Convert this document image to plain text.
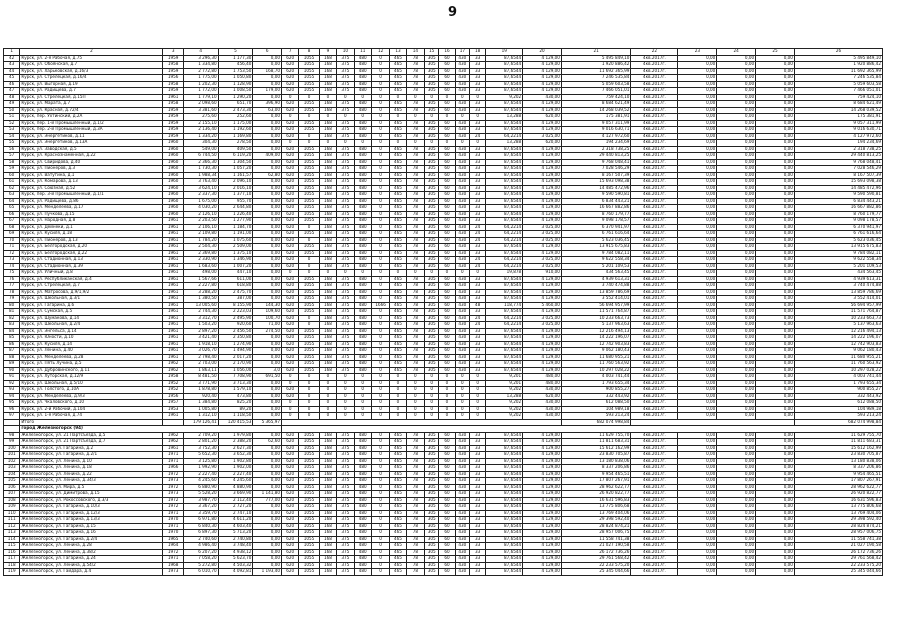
9
1	2	3	4	5	6	7	8	9	10	11	12	13	14	15	16	17	18	19	20	21	22	23	24	25	26
42	Курск, ул. 2-я Рабочая, д.75	1959	3 296,30	1 177,30	0,00	620	1055	168	375	480	0	465	78	305	60	430	33	87,6544	4 129,00	5 495 849,10	4кв.2017г.	0,00	0,00	0,00	5 495 849,10
43	Курск, ул. Обоянская, д.7	1958	1 334,80	456,40	0,00	620	1055	168	375	480	0	465	78	305	60	430	33	87,6544	4 129,00	1 920 886,42	4кв.2017г.	0,00	0,00	0,00	1 920 886,42
44	Курск, ул. Харьковская, д.16/3	1959	2 772,80	1 753,50	168,70	620	1055	168	375	480	0	465	78	305	60	430	33	87,6544	4 129,00	11 692 365,99	4кв.2017г.	0,00	0,00	0,00	11 692 365,99
45	Курск, ул. Стрелецкая, д.16/4	1956	1 775,00	1 050,80	0,00	620	1055	168	375	480	0	465	78	305	60	430	33	87,6544	4 129,00	7 246 535,84	4кв.2017г.	0,00	0,00	0,00	7 246 535,84
46	Курск, ул. Выгорная, д.19	1958	1 202,30	1 128,90	0,00	620	1055	168	375	480	0	465	78	305	60	430	33	87,6544	4 129,00	5 059 603,58	4кв.2017г.	0,00	0,00	0,00	5 059 603,58
47	Курск, ул. Радищева, д.7	1959	1 772,00	1 008,50	179,00	620	1055	168	375	480	0	465	78	305	60	430	33	87,6544	4 129,00	7 466 051,01	4кв.2017г.	0,00	0,00	0,00	7 466 051,01
48	Курск, ул. Стрелецкая, д.15П	1961	1 779,10	1 290,20	0,00	0	0	0	0	0	0	0	0	0	0	0	0	9,202	430,00	759 424,10	4кв.2017г.	0,00	0,00	0,00	759 424,10
49	Курск, ул. Марата, д.7	1958	2 098,60	651,70	396,90	620	1055	168	375	480	0	465	78	305	60	430	33	87,6544	4 129,00	8 684 621,49	4кв.2017г.	0,00	0,00	0,00	8 684 621,49
50	Курск, ул. Красная, д.72/4	1959	3 381,60	2 473,30	63,00	620	1055	168	375	480	0	465	78	305	60	430	33	87,6544	4 129,00	14 268 039,52	4кв.2017г.	0,00	0,00	0,00	14 268 039,52
51	Курск, пер. Ухтинский, д.2А	1959	275,60	252,60	0,00	0	0	0	0	0	0	0	0	0	0	0	0	13,288	620,00	175 381,91	4кв.2017г.	0,00	0,00	0,00	175 381,91
52	Курск, пер. 1-й Промышленный, д.1/2	1959	2 155,10	1 175,00	0,00	620	1055	168	375	480	0	465	78	305	60	430	33	87,6544	4 129,00	9 057 311,99	4кв.2017г.	0,00	0,00	0,00	9 057 311,99
53	Курск, пер. 2-й Промышленный, д.3А	1959	2 136,40	1 192,60	0,00	620	1055	168	375	480	0	465	78	305	60	430	33	87,6544	4 129,00	9 016 630,71	4кв.2017г.	0,00	0,00	0,00	9 016 630,71
54	Курск, ул. Энергетиков, д.11	1959	1 334,20	1 169,80	0,00	620	0	168	375	480	0	465	78	305	60	430	24	64,2214	3 025,00	4 127 972,60	4кв.2017г.	0,00	0,00	0,00	4 127 972,60
55	Курск, ул. Энергетиков, д.13А	1960	304,30	278,50	0,00	0	0	0	0	0	0	0	0	0	0	0	0	13,288	620,00	194 234,69	4кв.2017г.	0,00	0,00	0,00	194 234,69
56	Курск, ул. Заводская, д.5	1960	549,00	409,50	0,00	620	1055	168	375	480	0	465	78	305	60	430	33	87,6544	4 129,00	2 318 738,25	4кв.2017г.	0,00	0,00	0,00	2 318 738,25
57	Курск, ул. Краснознаменная, д.22	1960	6 744,50	6 119,20	409,00	620	1055	168	375	480	0	465	78	305	60	430	33	87,6544	4 129,00	29 440 813,25	4кв.2017г.	0,00	0,00	0,00	29 440 813,25
58	Курск, ул. Свиридова, д.40	1960	2 366,30	1 304,50	0,00	620	1055	168	375	480	0	465	78	305	60	430	33	87,6544	4 129,00	9 768 048,41	4кв.2017г.	0,00	0,00	0,00	9 768 048,41
59	Курск, ул. Пионеров, д.3	1960	1 730,30	1 057,20	0,00	620	1055	168	375	480	0	465	78	305	60	430	33	87,6544	4 129,00	7 028 546,29	4кв.2017г.	0,00	0,00	0,00	7 028 546,29
60	Курск, ул. Ватутина, д.1	1960	1 988,34	1 161,57	62,80	620	1055	168	375	480	0	465	78	305	60	430	33	87,6544	4 129,00	8 167 507,39	4кв.2017г.	0,00	0,00	0,00	8 167 507,39
61	Курск, ул. Комарова, д.13	1960	3 763,40	2 096,10	0,00	620	1055	168	375	480	0	465	78	305	60	430	33	87,6544	4 129,00	15 693 098,38	4кв.2017г.	0,00	0,00	0,00	15 693 098,38
62	Курск, ул. Союзная, д.52	1960	3 624,10	2 016,10	0,00	620	1055	168	375	480	0	465	78	305	60	430	33	87,6544	4 129,00	14 485 472,96	4кв.2017г.	0,00	0,00	0,00	14 485 472,96
63	Курск, пер. 3-й Промышленный, д.1/1	1960	2 337,30	1 377,10	0,00	620	1055	168	375	480	0	465	78	305	60	430	33	87,6544	4 129,00	9 590 590,81	4кв.2017г.	0,00	0,00	0,00	9 590 590,81
64	Курск, ул. Радищева, д.86	1960	1 675,00	955,70	0,00	620	1055	168	375	480	0	465	78	305	60	430	33	87,6544	4 129,00	6 834 443,21	4кв.2017г.	0,00	0,00	0,00	6 834 443,21
65	Курск, ул. Менделеева, д.17	1960	4 030,20	2 644,80	0,00	620	1055	168	375	480	0	465	78	305	60	430	33	87,6544	4 129,00	16 667 882,86	4кв.2017г.	0,00	0,00	0,00	16 667 882,86
66	Курск, ул. Пучкова, д.15	1960	2 126,10	1 226,40	0,00	620	1055	168	375	480	0	465	78	305	60	430	33	87,6544	4 129,00	8 760 179,77	4кв.2017г.	0,00	0,00	0,00	8 760 179,77
67	Курск, ул. Народная, д.8	1961	2 203,50	1 277,90	0,00	620	1055	168	375	480	0	465	78	305	60	430	33	87,6544	4 129,00	9 098 178,57	4кв.2017г.	0,00	0,00	0,00	9 098 178,57
68	Курск, ул. Дейнеки, д.1	1961	2 106,10	1 184,70	0,00	620	0	168	375	480	0	465	78	305	60	430	24	64,2214	3 025,00	6 370 941,97	4кв.2017г.	0,00	0,00	0,00	6 370 941,97
69	Курск, ул. Кусиля, д.18	1961	2 109,80	1 191,00	0,00	620	1055	168	375	480	0	465	78	305	60	430	24	64,2214	3 025,00	6 761 616,64	4кв.2017г.	0,00	0,00	0,00	6 761 616,64
70	Курск, ул. Пионеров, д.13	1961	1 784,20	1 075,60	0,00	620	0	168	375	480	0	465	78	305	60	430	24	64,2214	3 025,00	5 623 036,45	4кв.2017г.	0,00	0,00	0,00	5 623 036,45
71	Курск, ул. Белгородская, д.20	1961	2 504,30	2 509,00	0,00	620	1055	168	375	480	0	465	78	305	60	430	33	87,6544	4 129,00	13 915 675,83	4кв.2017г.	0,00	0,00	0,00	13 915 675,83
72	Курск, ул. Белгородская, д.22	1961	2 369,80	1 375,10	0,00	620	1055	168	375	480	0	465	78	305	60	430	33	87,6544	4 129,00	9 784 082,11	4кв.2017г.	0,00	0,00	0,00	9 784 082,11
73	Курск, ул. Стадионная, д.13	1961	2 330,90	1 346,90	0,00	620	0	168	375	480	0	465	78	305	60	430	24	64,2214	3 025,00	9 622 558,34	4кв.2017г.	0,00	0,00	0,00	9 622 558,34
74	Курск, ул. Стадионная, д.39	1961	1 683,60	1 007,20	0,00	620	0	168	375	480	0	465	78	305	60	430	24	64,2214	3 025,00	5 201 109,53	4кв.2017г.	0,00	0,00	0,00	5 201 109,53
75	Курск, ул. Уличный, д.8	1961	498,00	447,10	0,00	0	0	0	0	0	0	0	0	0	0	0	0	19,878	910,00	434 563,45	4кв.2017г.	0,00	0,00	0,00	434 563,45
76	Курск, ул. Республиканская, д.4	1961	1 567,66	611,00	0,00	620	1055	168	375	480	0	465	78	305	60	430	33	87,6544	4 129,00	4 939 613,31	4кв.2017г.	0,00	0,00	0,00	4 939 613,31
77	Курск, ул. Стрелецкая, д.7	1961	2 227,80	618,80	0,00	620	1055	168	375	480	0	465	78	305	60	430	33	87,6544	4 129,00	3 740 474,88	4кв.2017г.	0,00	0,00	0,00	3 740 474,88
78	Курск, ул. Матросова, д.9/1,9/2	1961	3 288,20	2 475,70	0,00	620	1055	168	375	480	0	465	78	305	60	430	33	87,6544	4 129,00	13 859 786,69	4кв.2017г.	0,00	0,00	0,00	13 859 786,69
79	Курск, ул. Школьная, д.3/1	1961	1 380,50	387,00	0,00	620	1055	168	375	480	0	465	78	305	60	430	33	87,6544	4 129,00	3 552 414,01	4кв.2017г.	0,00	0,00	0,00	3 552 414,01
80	Курск, ул. Гагарина, д.6	1961	13 005,60	8 155,90	144,30	620	1055	168	375	480	1666	465	78	305	60	430	48	118,774	5 460,00	56 694 957,99	4кв.2017г.	0,00	0,00	0,00	56 694 957,99
81	Курск, ул. Сумская, д.5	1961	2 744,30	2 223,03	109,60	620	1055	168	375	480	0	465	78	305	60	430	33	87,6544	4 129,00	11 571 764,87	4кв.2017г.	0,00	0,00	0,00	11 571 764,87
82	Курск, ул. Шумаковa, д.14	1961	3 312,70	2 495,90	100,70	620	0	168	375	480	0	465	78	305	60	430	24	64,2214	3 025,00	10 233 663,73	4кв.2017г.	0,00	0,00	0,00	10 233 663,73
83	Курск, ул. Школьная, д.2/4	1961	1 503,20	920,60	71,00	620	0	168	375	480	0	465	78	305	60	430	24	64,2214	3 025,00	5 137 963,63	4кв.2017г.	0,00	0,00	0,00	5 137 963,63
84	Курск, ул. Энгельса, д.14	1961	2 897,20	2 456,50	274,50	620	1055	168	375	480	0	465	78	305	60	430	33	87,6544	4 129,00	12 216 494,13	4кв.2017г.	0,00	0,00	0,00	12 216 494,13
85	Курск, ул. Юности, д.10	1961	3 421,40	2 350,80	0,00	620	1055	168	375	480	0	465	78	305	60	430	33	87,6544	4 129,00	14 222 196,07	4кв.2017г.	0,00	0,00	0,00	14 222 196,07
86	Курск, ул. Кусиля, д.14	1961	1 918,10	1 274,90	0,00	620	1055	168	375	480	0	465	78	305	60	430	33	87,6544	4 129,00	12 742 903,83	4кв.2017г.	0,00	0,00	0,00	12 742 903,83
87	Курск, ул. Ленина, д.40	1961	3 026,70	1 494,90	0,00	620	1055	168	375	480	0	465	78	305	60	430	33	87,6544	4 129,00	9 062 180,43	4кв.2017г.	0,00	0,00	0,00	9 062 180,43
88	Курск, ул. Менделеева, д.28	1961	2 798,40	2 017,20	0,00	620	1055	168	375	480	0	465	78	305	60	430	33	87,6544	4 129,00	11 680 955,21	4кв.2017г.	0,00	0,00	0,00	11 680 955,21
89	Курск, ул. Пять Лучина, д.5	1962	2 703,00	2 170,90	0,00	620	1055	168	375	480	0	465	78	305	60	430	33	87,6544	4 129,00	11 760 563,92	4кв.2017г.	0,00	0,00	0,00	11 760 563,92
90	Курск, ул. Дубровинского, д.11	1962	1 863,11	1 056,00	3,0	620	1055	168	375	480	0	465	78	305	60	430	33	87,6544	4 129,00	10 297 028,22	4кв.2017г.	0,00	0,00	0,00	10 297 028,22
91	Курск, ул. Хуторская, д.12/9	1958	8 481,50	7 708,90	691,50	0	0	0	0	0	0	0	0	0	0	0	0	9,201	480,00	4 003 741,44	4кв.2017г.	0,00	0,00	0,00	4 003 741,44
92	Курск, ул. Школьная, д.5/10	1952	3 771,90	3 713,30	0,00	0	0	0	0	0	0	0	0	0	0	0	0	9,201	480,00	1 793 655,34	4кв.2017г.	0,00	0,00	0,00	1 793 655,34
93	Курск, ул. Толстого, д.10А	1952	1 878,80	1 579,10	0,00	620	0	0	0	0	0	0	0	0	0	0	0	9,202	430,00	900 855,27	4кв.2017г.	0,00	0,00	0,00	900 855,27
94	Курск, ул. Менделеева, д.9/3	1956	920,40	473,80	0,00	620	0	0	0	0	0	0	0	0	0	0	0	13,288	620,00	332 443,92	4кв.2017г.	0,00	0,00	0,00	332 443,92
95	Курск, ул. Чкаловского, д.10	1957	1 384,80	825,20	0,00	0	0	0	0	0	0	0	0	0	0	0	0	9,202	430,00	612 088,50	4кв.2017г.	0,00	0,00	0,00	612 088,50
96	Курск, ул. 2-й Рабочий, д.104	1953	1 005,80	89,20	0,00	0	0	0	0	0	0	0	0	0	0	0	0	9,202	430,00	104 989,18	4кв.2017г.	0,00	0,00	0,00	104 989,18
97	Курск, ул. 1-я Рабочая, д.74	1961	1 312,10	1 118,50	0,00	0	0	0	0	0	0	0	0	0	0	0	0	9,202	430,00	593 213,24	4кв.2017г.	0,00	0,00	0,00	593 213,24
	Итого		179 126,41	120 415,53	5 365,97															682 074 998,84					682 074 998,84
	город Железногорск (94)																								
98	Железногорск, ул. 21 Партсъезда, д.5	1962	2 709,20	1 979,80	0,00	620	1055	168	375	480	0	465	78	305	60	430	33	87,6544	4 129,00	11 629 755,70	4кв.2017г.	0,00	0,00	0,00	11 629 755,70
99	Железногорск, ул. 21 Партсъезда, д.7	1962	2 801,20	2 388,20	62,60	620	1055	168	375	480	0	465	78	305	60	430	33	87,6544	4 129,00	11 811 683,31	4кв.2017г.	0,00	0,00	0,00	11 811 683,31
100	Железногорск, ул. Гагарина, д.2	1961	3 752,30	2 627,30	0,00	620	1055	168	375	480	0	465	78	305	60	430	33	87,6544	4 129,00	15 612 162,99	4кв.2017г.	0,00	0,00	0,00	15 612 162,99
101	Железногорск, ул. Гагарина, д.2/1	1971	5 652,30	3 652,30	0,00	620	1055	168	375	480	0	465	78	305	60	430	33	87,6544	4 129,00	23 830 705,87	4кв.2017г.	0,00	0,00	0,00	23 830 705,87
102	Железногорск, ул. Ленина, д.10	1971	3 125,80	1 902,80	0,00	620	1055	168	375	480	0	465	78	305	60	430	33	87,6544	4 129,00	13 180 838,06	4кв.2017г.	0,00	0,00	0,00	13 180 838,06
103	Железногорск, ул. Ленина, д.18	1966	1 992,90	1 902,00	0,00	620	1055	168	375	480	0	465	78	305	60	430	33	87,6544	4 129,00	8 337 206,86	4кв.2017г.	0,00	0,00	0,00	8 337 206,86
104	Железногорск, ул. Ленина, д.22	1972	2 227,40	2 227,40	0,00	620	1055	168	375	480	0	465	78	305	60	430	33	87,6544	4 129,00	9 954 465,51	4кв.2017г.	0,00	0,00	0,00	9 954 465,51
105	Железногорск, ул. Ленина, д.34/3	1973	4 245,60	4 245,60	0,00	620	1055	168	375	480	0	465	78	305	60	430	33	87,6544	4 129,00	17 807 267,91	4кв.2017г.	0,00	0,00	0,00	17 807 267,91
106	Железногорск, ул. Мира, д.5	1972	6 880,90	4 880,90	0,00	620	1055	168	375	480	0	465	78	305	60	430	33	87,6544	4 129,00	28 962 622,77	4кв.2017г.	0,00	0,00	0,00	28 962 622,77
107	Железногорск, ул. Димитрова, д.15	1973	5 528,20	3 669,90	1 141,80	620	1055	168	375	480	0	465	78	305	60	430	33	87,6544	4 129,00	26 920 822,77	4кв.2017г.	0,00	0,00	0,00	26 920 822,77
108	Железногорск, ул. Рокоссовского, д.3/3	1972	3 987,70	2 112,40	777,00	620	1055	168	375	480	0	465	78	305	60	430	33	87,6544	4 129,00	16 631 596,83	4кв.2017г.	0,00	0,00	0,00	16 631 596,83
109	Железногорск, ул. Гагарина, д.10/3	1972	3 367,20	2 727,20	0,00	620	1055	168	375	480	0	465	78	305	60	430	33	87,6544	4 129,00	13 775 806,68	4кв.2017г.	0,00	0,00	0,00	13 775 806,68
110	Железногорск, ул. Гагарина, д.12/3	1971	3 359,70	2 747,10	0,00	620	1055	168	375	480	0	465	78	305	60	430	33	87,6544	4 129,00	13 769 404,06	4кв.2017г.	0,00	0,00	0,00	13 769 404,06
111	Железногорск, ул. Гагарина, д.13/3	1970	6 971,80	4 611,20	0,00	620	1055	168	375	480	0	465	78	305	60	430	33	87,6544	4 129,00	29 398 592,40	4кв.2017г.	0,00	0,00	0,00	29 398 592,40
112	Железногорск, ул. Гагарина, д.15	1971	6 840,30	4 603,40	0,00	620	1055	168	375	480	0	465	78	305	60	430	33	87,6544	4 129,00	28 824 874,21	4кв.2017г.	0,00	0,00	0,00	28 824 874,21
113	Железногорск, ул. Гагарина, д.16	1970	6 897,30	5 713,20	0,00	620	1055	168	375	480	0	465	78	305	60	430	33	87,6544	4 129,00	28 957 006,75	4кв.2017г.	0,00	0,00	0,00	28 957 006,75
114	Железногорск, ул. Гагарина, д.2/4	1965	2 740,60	2 740,80	0,00	620	1055	168	375	480	0	465	78	305	60	430	33	87,6544	4 129,00	11 558 741,38	4кв.2017г.	0,00	0,00	0,00	11 558 741,38
115	Железногорск, ул. Ленина, д.28	1964	4 986,40	3 748,40	0,00	620	1055	168	375	480	0	465	78	305	60	430	33	87,6544	4 129,00	21 027 190,58	4кв.2017г.	0,00	0,00	0,00	21 027 190,58
116	Железногорск, ул. Ленина, д.38/2	1972	6 207,20	4 938,12	0,00	620	1055	168	375	480	0	465	78	305	60	430	33	87,6544	4 129,00	26 172 736,26	4кв.2017г.	0,00	0,00	0,00	26 172 736,26
117	Железногорск, ул. Гагарина, д.24	1971	7 058,20	5 623,70	0,00	620	1055	168	375	480	0	465	78	305	60	430	33	87,6544	4 129,00	29 761 568,42	4кв.2017г.	0,00	0,00	0,00	29 761 568,42
118	Железногорск, ул. Ленина, д.54/2	1968	5 272,80	4 503,32	0,00	620	1055	168	375	480	0	465	78	305	60	430	33	87,6544	4 129,00	22 233 575,20	4кв.2017г.	0,00	0,00	0,00	22 233 575,20
119	Железногорск, ул. Гайдара, д.4	1973	6 010,70	4 092,81	1 193,40	620	1055	168	375	480	0	465	78	305	60	430	33	87,6544	4 129,00	25 345 044,66	4кв.2017г.	0,00	0,00	0,00	25 345 044,66
